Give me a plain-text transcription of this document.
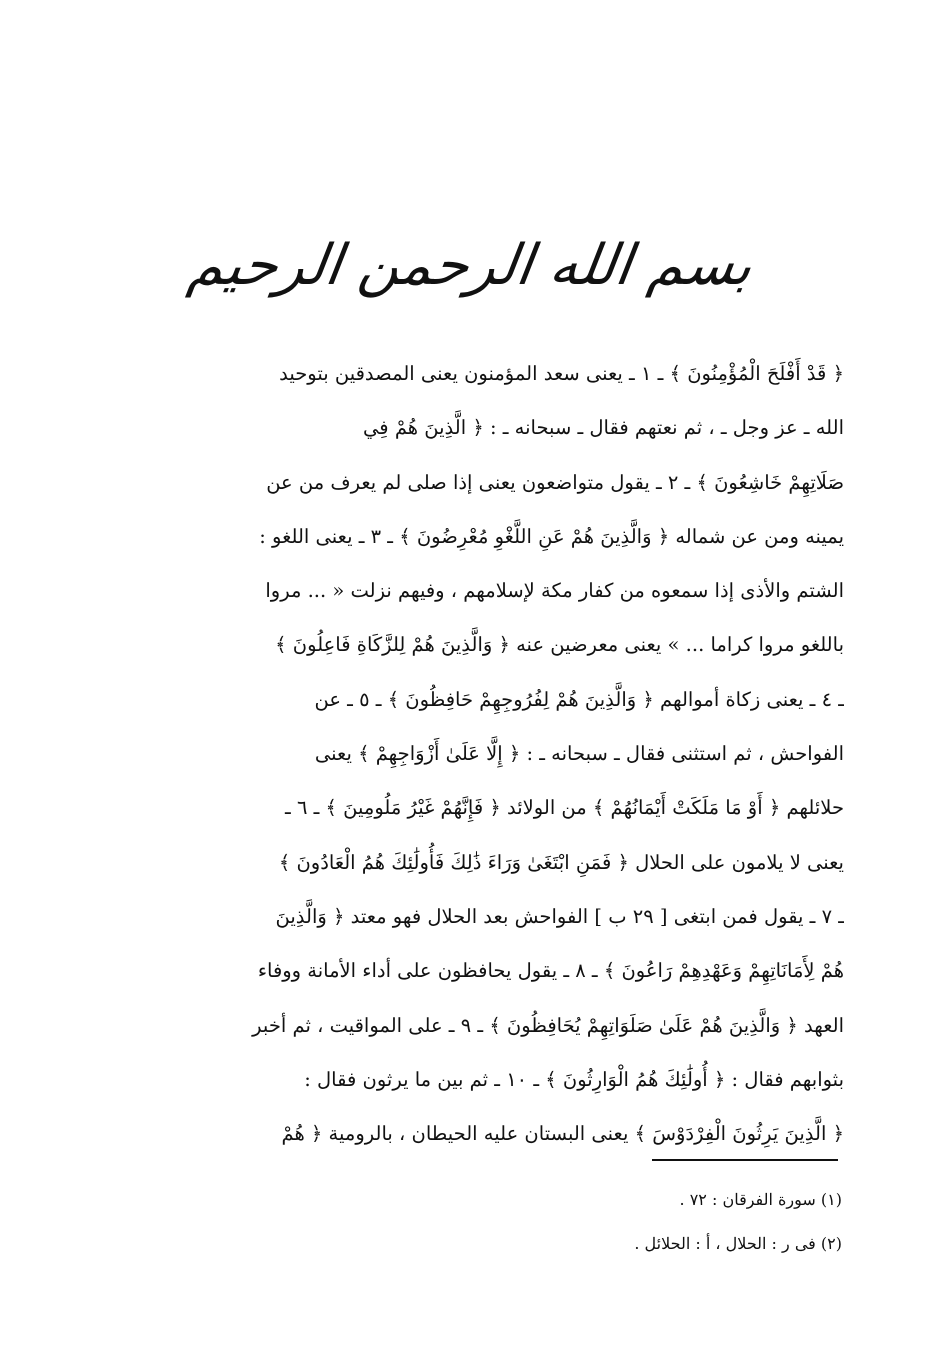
بسم الله الرحمن الرحيم
﴿ قَدْ أَفْلَحَ الْمُؤْمِنُونَ ﴾ ـ ١ ـ يعنى سعد المؤمنون يعنى المصدقين بتوحيد
الله ـ عز وجل ـ ، ثم نعتهم فقال ـ سبحانه ـ : ﴿ الَّذِينَ هُمْ فِي
صَلَاتِهِمْ خَاشِعُونَ ﴾ ـ ٢ ـ يقول متواضعون يعنى إذا صلى لم يعرف من عن
يمينه ومن عن شماله ﴿ وَالَّذِينَ هُمْ عَنِ اللَّغْوِ مُعْرِضُونَ ﴾ ـ ٣ ـ يعنى اللغو :
الشتم والأذى إذا سمعوه من كفار مكة لإسلامهم ، وفيهم نزلت « ... مروا
باللغو مروا كراما ... » يعنى معرضين عنه ﴿ وَالَّذِينَ هُمْ لِلزَّكَاةِ فَاعِلُونَ ﴾
ـ ٤ ـ يعنى زكاة أموالهم ﴿ وَالَّذِينَ هُمْ لِفُرُوجِهِمْ حَافِظُونَ ﴾ ـ ٥ ـ عن
الفواحش ، ثم استثنى فقال ـ سبحانه ـ : ﴿ إِلَّا عَلَىٰ أَزْوَاجِهِمْ ﴾ يعنى
حلائلهم ﴿ أَوْ مَا مَلَكَتْ أَيْمَانُهُمْ ﴾ من الولائد ﴿ فَإِنَّهُمْ غَيْرُ مَلُومِينَ ﴾ ـ ٦ ـ
يعنى لا يلامون على الحلال ﴿ فَمَنِ ابْتَغَىٰ وَرَاءَ ذَٰلِكَ فَأُولَٰئِكَ هُمُ الْعَادُونَ ﴾
ـ ٧ ـ يقول فمن ابتغى [ ٢٩ ب ] الفواحش بعد الحلال فهو معتد ﴿ وَالَّذِينَ
هُمْ لِأَمَانَاتِهِمْ وَعَهْدِهِمْ رَاعُونَ ﴾ ـ ٨ ـ يقول يحافظون على أداء الأمانة ووفاء
العهد ﴿ وَالَّذِينَ هُمْ عَلَىٰ صَلَوَاتِهِمْ يُحَافِظُونَ ﴾ ـ ٩ ـ على المواقيت ، ثم أخبر
بثوابهم فقال : ﴿ أُولَٰئِكَ هُمُ الْوَارِثُونَ ﴾ ـ ١٠ ـ ثم بين ما يرثون فقال :
﴿ الَّذِينَ يَرِثُونَ الْفِرْدَوْسَ ﴾ يعنى البستان عليه الحيطان ، بالرومية ﴿ هُمْ
(١) سورة الفرقان : ٧٢ .
(٢) فى ر : الحلال ، أ : الحلائل .
